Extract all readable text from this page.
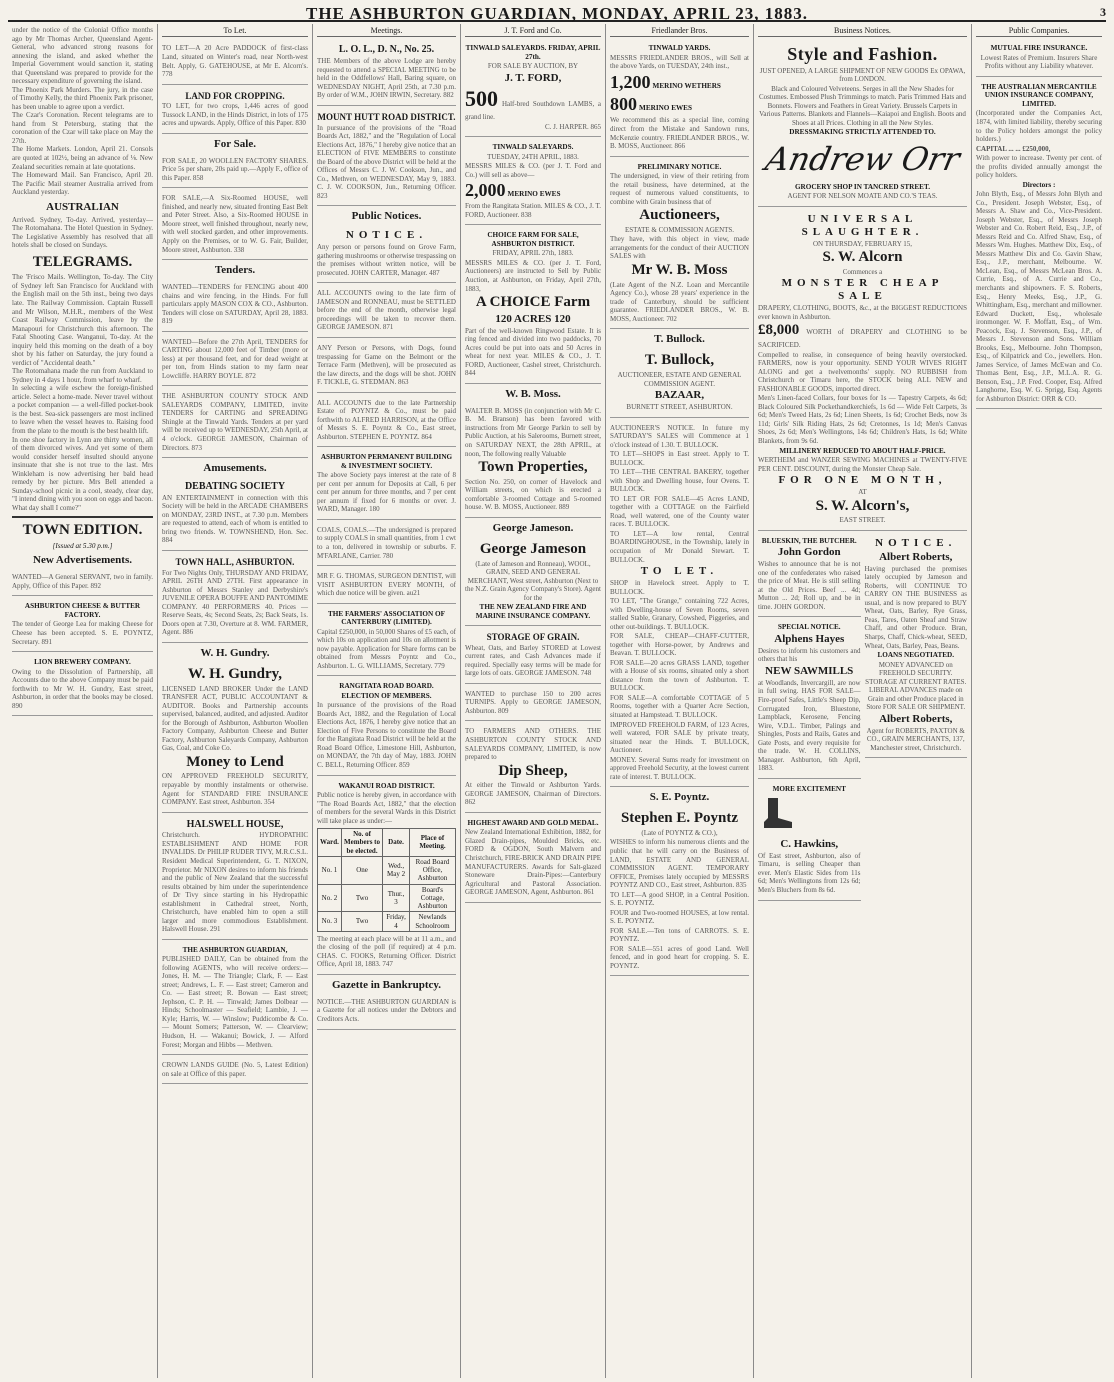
THE ASHBURTON GUARDIAN, MONDAY, APRIL 23, 1883.	3

under the notice of the Colonial Office months ago by Mr Thomas Archer, Queensland Agent-General, who advanced strong reasons for annexing the island, and asked whether the Imperial Government would sanction it, stating that Queensland was prepared to provide for the necessary expenditure of governing the island.

The Phoenix Park Murders. The jury, in the case of Timothy Kelly, the third Phoenix Park prisoner, has been unable to agree upon a verdict.

The Czar's Coronation. Recent telegrams are to hand from St Petersburg, stating that the coronation of the Czar will take place on May the 27th.

The Home Markets. London, April 21. Consols are quoted at 102½, being an advance of ⅛. New Zealand securities remain at late quotations.

The Homeward Mail. San Francisco, April 20. The Pacific Mail steamer Australia arrived from Auckland yesterday.

AUSTRALIAN

Arrived. Sydney, To-day. Arrived, yesterday—The Rotomahana. The Hotel Question in Sydney. The Legislative Assembly has resolved that all hotels shall be closed on Sundays.

TELEGRAMS.

The 'Frisco Mails. Wellington, To-day. The City of Sydney left San Francisco for Auckland with the English mail on the 5th inst., being two days late. The Railway Commission. Captain Russell and Mr Wilson, M.H.R., members of the West Coast Railway Commission, leave by the Manapouri for Christchurch this afternoon. The Fatal Shooting Case. Wanganui, To-day. At the inquiry held this morning on the death of a boy shot by his father on Saturday, the jury found a verdict of "Accidental death."

The Rotomahana made the run from Auckland to Sydney in 4 days 1 hour, from wharf to wharf.

In selecting a wife eschew the foreign-finished article. Select a home-made. Never travel without a pocket companion — a well-filled pocket-book is the best. Sea-sick passengers are most inclined to leave when the vessel heaves to. Raising food from the plate to the mouth is the best health lift.

In one shoe factory in Lynn are thirty women, all of them divorced wives. And yet some of them would consider herself insulted should anyone insinuate that she is not true to the last. Mrs Winkleham is now advertising her bald head remedy by her picture. Mrs Bell attended a Sunday-school picnic in a cool, steady, clear day, "I intend dining with you soon on eggs and bacon. What day shall I come?"

TOWN EDITION.
[Issued at 5.30 p.m.]
New Advertisements.

WANTED—A General SERVANT, two in family. Apply, Office of this Paper. 892

ASHBURTON CHEESE & BUTTER FACTORY.

The tender of George Lea for making Cheese for Cheese has been accepted. S. E. POYNTZ, Secretary. 891

LION BREWERY COMPANY.

Owing to the Dissolution of Partnership, all Accounts due to the above Company must be paid forthwith to Mr W. H. Gundry, East street, Ashburton, in order that the books may be closed. 890

To Let.

TO LET—A 20 Acre PADDOCK of first-class Land, situated on Winter's road, near North-west Belt. Apply, G. GATEHOUSE, at Mr E. Alcorn's. 778

LAND FOR CROPPING.

TO LET, for two crops, 1,446 acres of good Tussock LAND, in the Hinds District, in lots of 175 acres and upwards. Apply, Office of this Paper. 830

For Sale.

FOR SALE, 20 WOOLLEN FACTORY SHARES. Price 5s per share, 20s paid up.—Apply F., office of this Paper. 858

FOR SALE,—A Six-Roomed HOUSE, well finished, and nearly new, situated fronting East Belt and Peter Street. Also, a Six-Roomed HOUSE in Moore street, well finished throughout, nearly new, with well stocked garden, and other improvements. Apply on the Premises, or to W. G. Fair, Builder, Moore street, Ashburton. 338

Tenders.

WANTED—TENDERS for FENCING about 400 chains and wire fencing, in the Hinds. For full particulars apply MASON COX & CO., Ashburton. Tenders will close on SATURDAY, April 28, 1883. 819

WANTED—Before the 27th April, TENDERS for CARTING about 12,000 feet of Timber (more or less) at per thousand feet, and for dead weight at per ton, from Hinds station to my farm near Lowcliffe. HARRY BOYLE. 872

THE ASHBURTON COUNTY STOCK AND SALEYARDS COMPANY, LIMITED, invite TENDERS for CARTING and SPREADING Shingle at the Tinwald Yards. Tenders at per yard will be received up to WEDNESDAY, 25th April, at 4 o'clock. GEORGE JAMESON, Chairman of Directors. 873

Amusements.

DEBATING SOCIETY

AN ENTERTAINMENT in connection with this Society will be held in the ARCADE CHAMBERS on MONDAY, 23RD INST., at 7.30 p.m. Members are requested to attend, each of whom is entitled to bring two friends. W. TOWNSHEND, Hon. Sec. 884

TOWN HALL, ASHBURTON.

For Two Nights Only, THURSDAY AND FRIDAY, APRIL 26TH AND 27TH. First appearance in Ashburton of Messrs Stanley and Derbyshire's JUVENILE OPERA BOUFFE AND PANTOMIME COMPANY. 40 PERFORMERS 40. Prices — Reserve Seats, 4s; Second Seats, 2s; Back Seats, 1s. Doors open at 7.30, Overture at 8. WM. FARMER, Agent. 886

W. H. Gundry.

W. H. Gundry,

LICENSED LAND BROKER Under the LAND TRANSFER ACT, PUBLIC ACCOUNTANT & AUDITOR. Books and Partnership accounts supervised, balanced, audited, and adjusted. Auditor for the Borough of Ashburton, Ashburton Woollen Factory Company, Ashburton Cheese and Butter Factory, Ashburton Saleyards Company, Ashburton Gas, Coal, and Coke Co.

Money to Lend

ON APPROVED FREEHOLD SECURITY, repayable by monthly instalments or otherwise. Agent for STANDARD FIRE INSURANCE COMPANY. East street, Ashburton. 354

HALSWELL HOUSE,

Christchurch. HYDROPATHIC ESTABLISHMENT AND HOME FOR INVALIDS. Dr PHILIP RUDER TIVY, M.R.C.S.L. Resident Medical Superintendent, G. T. NIXON, Proprietor. Mr NIXON desires to inform his friends and the public of New Zealand that the successful results obtained by him under the superintendence of Dr Tivy since starting in his Hydropathic establishment in Cathedral street, North, Christchurch, have enabled him to open a still larger and more commodious Establishment. Halswell House. 291

THE ASHBURTON GUARDIAN,

PUBLISHED DAILY, Can be obtained from the following AGENTS, who will receive orders:— Jones, H. M. — The Triangle; Clark, F. — East street; Andrews, L. F. — East street; Cameron and Co. — East street; R. Bowan — East street; Jephson, C. P. H. — Tinwald; James Dolbear — Hinds; Schoolmaster — Seafield; Lambie, J. — Kyle; Harris, W. — Winslow; Puddicombe & Co. — Mount Somers; Patterson, W. — Clearview; Hudson, H. — Wakanui; Bowick, J. — Alford Forest; Morgan and Hibbs — Methven.

CROWN LANDS GUIDE (No. 5, Latest Edition) on sale at Office of this paper.

Meetings.

L. O. L., D. N., No. 25.

THE Members of the above Lodge are hereby requested to attend a SPECIAL MEETING to be held in the Oddfellows' Hall, Baring square, on WEDNESDAY NIGHT, April 25th, at 7.30 p.m. By order of W.M., JOHN IRWIN, Secretary. 882

MOUNT HUTT ROAD DISTRICT.

In pursuance of the provisions of the "Road Boards Act, 1882," and the "Regulation of Local Elections Act, 1876," I hereby give notice that an ELECTION of FIVE MEMBERS to constitute the Board of the above District will be held at the Offices of Messrs C. J. W. Cookson, Jun., and Co., Methven, on WEDNESDAY, May 9, 1883. C. J. W. COOKSON, Jun., Returning Officer. 823

Public Notices.

NOTICE.

Any person or persons found on Grove Farm, gathering mushrooms or otherwise trespassing on the premises without written notice, will be prosecuted. JOHN CARTER, Manager. 487

ALL ACCOUNTS owing to the late firm of JAMESON and RONNEAU, must be SETTLED before the end of the month, otherwise legal proceedings will be taken to recover them. GEORGE JAMESON. 871

ANY Person or Persons, with Dogs, found trespassing for Game on the Belmont or the Terrace Farm (Methven), will be prosecuted as the law directs, and the dogs will be shot. JOHN F. TICKLE, G. STEDMAN. 863

ALL ACCOUNTS due to the late Partnership Estate of POYNTZ & Co., must be paid forthwith to ALFRED HARRISON, at the Office of Messrs S. E. Poyntz & Co., East street, Ashburton. STEPHEN E. POYNTZ. 864

ASHBURTON PERMANENT BUILDING & INVESTMENT SOCIETY.

The above Society pays interest at the rate of 8 per cent per annum for Deposits at Call, 6 per cent per annum for three months, and 7 per cent per annum if fixed for 6 months or over. J. WARD, Manager. 180

COALS, COALS.—The undersigned is prepared to supply COALS in small quantities, from 1 cwt to a ton, delivered in township or suburbs. F. M'FARLANE, Carrier. 780

MR F. G. THOMAS, SURGEON DENTIST, will VISIT ASHBURTON EVERY MONTH, of which due notice will be given. au21

THE FARMERS' ASSOCIATION OF CANTERBURY (LIMITED).

Capital £250,000, in 50,000 Shares of £5 each, of which 10s on application and 10s on allotment is now payable. Application for Share forms can be obtained from Messrs Poyntz and Co., Ashburton. L. G. WILLIAMS, Secretary. 779

RANGITATA ROAD BOARD.

ELECTION OF MEMBERS.

In pursuance of the provisions of the Road Boards Act, 1882, and the Regulation of Local Elections Act, 1876, I hereby give notice that an Election of Five Persons to constitute the Board for the Rangitata Road District will be held at the Road Board Office, Limestone Hill, Ashburton, on MONDAY, the 7th day of May, 1883. JOHN C. BELL, Returning Officer. 859

WAKANUI ROAD DISTRICT.

Public notice is hereby given, in accordance with "The Road Boards Act, 1882," that the election of members for the several Wards in this District will take place as under:—

Ward.	No. of Members to be elected.	Date.	Place of Meeting.
No. 1	One	Wed., May 2	Road Board Office, Ashburton
No. 2	Two	Thur., 3	Board's Cottage, Ashburton
No. 3	Two	Friday, 4	Newlands Schoolroom

The meeting at each place will be at 11 a.m., and the closing of the poll (if required) at 4 p.m. CHAS. C. FOOKS, Returning Officer. District Office, April 18, 1883. 747

Gazette in Bankruptcy.

NOTICE.—THE ASHBURTON GUARDIAN is a Gazette for all notices under the Debtors and Creditors Acts.

J. T. Ford and Co.

TINWALD SALEYARDS. FRIDAY, APRIL 27th.

FOR SALE BY AUCTION, BY

J. T. FORD,

500 Half-bred Southdown LAMBS, a grand line.

C. J. HARPER. 865

TINWALD SALEYARDS.

TUESDAY, 24TH APRIL, 1883.

MESSRS MILES & CO. (per J. T. Ford and Co.) will sell as above—

2,000 MERINO EWES

From the Rangitata Station. MILES & CO., J. T. FORD, Auctioneer. 838

CHOICE FARM FOR SALE, ASHBURTON DISTRICT.

FRIDAY, APRIL 27th, 1883.

MESSRS MILES & CO. (per J. T. Ford, Auctioneers) are instructed to Sell by Public Auction, at Ashburton, on Friday, April 27th, 1883,

A CHOICE Farm

120 ACRES 120

Part of the well-known Ringwood Estate. It is ring fenced and divided into two paddocks, 70 Acres could be put into oats and 50 Acres in wheat for next year. MILES & CO., J. T. FORD, Auctioneer, Cashel street, Christchurch. 844

W. B. Moss.

WALTER B. MOSS (in conjunction with Mr C. B. M. Branson) has been favored with instructions from Mr George Parkin to sell by Public Auction, at his Salerooms, Burnett street, on SATURDAY NEXT, the 28th APRIL, at noon, The following really Valuable

Town Properties,

Section No. 250, on corner of Havelock and William streets, on which is erected a comfortable 3-roomed Cottage and 5-roomed house. W. B. MOSS, Auctioneer. 889

George Jameson.

George Jameson

(Late of Jameson and Ronneau), WOOL, GRAIN, SEED AND GENERAL MERCHANT, West street, Ashburton (Next to the N.Z. Grain Agency Company's Store). Agent for the

THE NEW ZEALAND FIRE AND MARINE INSURANCE COMPANY.

STORAGE OF GRAIN.

Wheat, Oats, and Barley STORED at Lowest current rates, and Cash Advances made if required. Specially easy terms will be made for large lots of oats. GEORGE JAMESON. 748

WANTED to purchase 150 to 200 acres TURNIPS. Apply to GEORGE JAMESON, Ashburton. 809

TO FARMERS AND OTHERS. THE ASHBURTON COUNTY STOCK AND SALEYARDS COMPANY, LIMITED, is now prepared to

Dip Sheep,

At either the Tinwald or Ashburton Yards. GEORGE JAMESON, Chairman of Directors. 862

HIGHEST AWARD AND GOLD MEDAL.

New Zealand International Exhibition, 1882, for Glazed Drain-pipes, Moulded Bricks, etc. FORD & OGDON, South Malvern and Christchurch, FIRE-BRICK AND DRAIN PIPE MANUFACTURERS. Awards for Salt-glazed Stoneware Drain-Pipes:—Canterbury Agricultural and Pastoral Association. GEORGE JAMESON, Agent, Ashburton. 861

Friedlander Bros.

TINWALD YARDS.

MESSRS FRIEDLANDER BROS., will Sell at the above Yards, on TUESDAY, 24th inst.,

1,200 MERINO WETHERS

800 MERINO EWES

We recommend this as a special line, coming direct from the Mistake and Sandown runs, McKenzie country. FRIEDLANDER BROS., W. B. MOSS, Auctioneer. 866

PRELIMINARY NOTICE.

The undersigned, in view of their retiring from the retail business, have determined, at the request of numerous valued constituents, to combine with Grain business that of

Auctioneers,

ESTATE & COMMISSION AGENTS.

They have, with this object in view, made arrangements for the conduct of their AUCTION SALES with

Mr W. B. Moss

(Late Agent of the N.Z. Loan and Mercantile Agency Co.), whose 28 years' experience in the trade of Canterbury, should be sufficient guarantee. FRIEDLANDER BROS., W. B. MOSS, Auctioneer. 702

T. Bullock.

T. Bullock,

AUCTIONEER, ESTATE AND GENERAL COMMISSION AGENT.

BAZAAR,

BURNETT STREET, ASHBURTON.

AUCTIONEER'S NOTICE. In future my SATURDAY'S SALES will Commence at 1 o'clock instead of 1.30. T. BULLOCK.

TO LET—SHOPS in East street. Apply to T. BULLOCK.

TO LET—THE CENTRAL BAKERY, together with Shop and Dwelling house, four Ovens. T. BULLOCK.

TO LET OR FOR SALE—45 Acres LAND, together with a COTTAGE on the Fairfield Road, well watered, one of the County water races. T. BULLOCK.

TO LET—A low rental, Central BOARDINGHOUSE, in the Township, lately in occupation of Mr Donald Stewart. T. BULLOCK.

TO LET.

SHOP in Havelock street. Apply to T. BULLOCK.

TO LET, "The Grange," containing 722 Acres, with Dwelling-house of Seven Rooms, seven stalled Stable, Granary, Cowshed, Piggeries, and other out-buildings. T. BULLOCK.

FOR SALE, CHEAP—CHAFF-CUTTER, together with Horse-power, by Andrews and Beavan. T. BULLOCK.

FOR SALE—20 acres GRASS LAND, together with a House of six rooms, situated only a short distance from the town of Ashburton. T. BULLOCK.

FOR SALE—A comfortable COTTAGE of 5 Rooms, together with a Quarter Acre Section, situated at Hampstead. T. BULLOCK.

IMPROVED FREEHOLD FARM, of 123 Acres, well watered, FOR SALE by private treaty, situated near the Hinds. T. BULLOCK, Auctioneer.

MONEY. Several Sums ready for investment on approved Freehold Security, at the lowest current rate of interest. T. BULLOCK.

S. E. Poyntz.

Stephen E. Poyntz

(Late of POYNTZ & CO.),

WISHES to inform his numerous clients and the public that he will carry on the Business of LAND, ESTATE AND GENERAL COMMISSION AGENT. TEMPORARY OFFICE, Premises lately occupied by MESSRS POYNTZ AND CO., East street, Ashburton. 835

TO LET—A good SHOP, in a Central Position. S. E. POYNTZ.

FOUR and Two-roomed HOUSES, at low rental. S. E. POYNTZ.

FOR SALE.—Ten tons of CARROTS. S. E. POYNTZ.

FOR SALE—551 acres of good Land. Well fenced, and in good heart for cropping. S. E. POYNTZ.

Business Notices.

Style and Fashion.

JUST OPENED, A LARGE SHIPMENT OF NEW GOODS Ex OPAWA, from LONDON.

Black and Coloured Velveteens. Serges in all the New Shades for Costumes. Embossed Plush Trimmings to match. Paris Trimmed Hats and Bonnets. Flowers and Feathers in Great Variety. Brussels Carpets in Various Patterns. Blankets and Flannels—Kaiapoi and English. Boots and Shoes at all Prices. Clothing in all the New Styles.

DRESSMAKING STRICTLY ATTENDED TO.

Andrew Orr

GROCERY SHOP IN TANCRED STREET.

AGENT FOR NELSON MOATE AND CO.'S TEAS.

UNIVERSAL SLAUGHTER.

ON THURSDAY, FEBRUARY 15,

S. W. Alcorn

Commences a

MONSTER CHEAP SALE

DRAPERY, CLOTHING, BOOTS, &c., at the BIGGEST REDUCTIONS ever known in Ashburton.

£8,000 WORTH of DRAPERY and CLOTHING to be SACRIFICED.

Compelled to realise, in consequence of being heavily overstocked. FARMERS, now is your opportunity. SEND YOUR WIVES RIGHT ALONG and get a twelvemonths' supply. NO RUBBISH from Christchurch or Timaru here, the STOCK being ALL NEW and FASHIONABLE GOODS, imported direct.

Men's Linen-faced Collars, four boxes for 1s — Tapestry Carpets, 4s 6d; Black Coloured Silk Pockethandkerchiefs, 1s 6d — Wide Felt Carpets, 3s 6d; Men's Tweed Hats, 2s 6d; Linen Sheets, 1s 6d; Crochet Beds, now 3s 11d; Girls' Silk Riding Hats, 2s 6d; Cretonnes, 1s 1d; Men's Canvas Shoes, 2s 6d; Men's Wellingtons, 14s 6d; Children's Hats, 1s 6d; White Blankets, from 9s 6d.

MILLINERY REDUCED TO ABOUT HALF-PRICE.

WERTHEIM and WANZER SEWING MACHINES at TWENTY-FIVE PER CENT. DISCOUNT, during the Monster Cheap Sale.

FOR ONE MONTH,

AT

S. W. Alcorn's,

EAST STREET.

BLUESKIN, THE BUTCHER.

John Gordon

Wishes to announce that he is not one of the confederates who raised the price of Meat. He is still selling at the Old Prices. Beef ... 4d; Mutton ... 2d; Roll up, and be in time. JOHN GORDON.

SPECIAL NOTICE.

Alphens Hayes

Desires to inform his customers and others that his

NEW SAWMILLS

at Woodlands, Invercargill, are now in full swing. HAS FOR SALE—Fire-proof Safes, Little's Sheep Dip, Corrugated Iron, Bluestone, Lampblack, Kerosene, Fencing Wire, V.D.L. Timber, Palings and Shingles, Posts and Rails, Gates and Gate Posts, and every requisite for the trade. W. H. COLLINS, Manager. Ashburton, 6th April, 1883.

MORE EXCITEMENT

C. Hawkins,

Of East street, Ashburton, also of Timaru, is selling Cheaper than ever. Men's Elastic Sides from 11s 6d; Men's Wellingtons from 12s 6d; Men's Bluchers from 8s 6d.

NOTICE.

Albert Roberts,

Having purchased the premises lately occupied by Jameson and Roberts, will CONTINUE TO CARRY ON THE BUSINESS as usual, and is now prepared to BUY Wheat, Oats, Barley, Rye Grass, Peas, Tares, Oaten Sheaf and Straw Chaff, and other Produce. Bran, Sharps, Chaff, Chick-wheat, SEED, Wheat, Oats, Barley, Peas, Beans.

LOANS NEGOTIATED.

MONEY ADVANCED on FREEHOLD SECURITY. STORAGE AT CURRENT RATES. LIBERAL ADVANCES made on Grain and other Produce placed in Store FOR SALE OR SHIPMENT.

Albert Roberts,

Agent for ROBERTS, PAXTON & CO., GRAIN MERCHANTS, 137, Manchester street, Christchurch.

Public Companies.

MUTUAL FIRE INSURANCE.

Lowest Rates of Premium. Insurers Share Profits without any Liability whatever.

THE AUSTRALIAN MERCANTILE UNION INSURANCE COMPANY, LIMITED.

(Incorporated under the Companies Act, 1874, with limited liability, thereby securing to the Policy holders amongst the policy holders.)

CAPITAL ... ... £250,000,

With power to increase. Twenty per cent. of the profits divided annually amongst the policy holders.

Directors :

John Blyth, Esq., of Messrs John Blyth and Co., President. Joseph Webster, Esq., of Messrs A. Shaw and Co., Vice-President. Joseph Webster, Esq., of Messrs Joseph Webster and Co. Robert Reid, Esq., J.P., of Messrs Reid and Co. Alfred Shaw, Esq., of Messrs Wm. Hughes. Matthew Dix, Esq., of Messrs Matthew Dix and Co. Gavin Shaw, Esq., J.P., merchant, Melbourne. W. McLean, Esq., of Messrs McLean Bros. A. Currie, Esq., of A. Currie and Co., merchants and shipowners. F. S. Roberts, Esq., Henry Meeks, Esq., J.P., G. Whittingham, Esq., merchant and millowner. Edward Duckett, Esq., wholesale ironmonger. W. F. Moffatt, Esq., of Wm. Peacock, Esq. J. Stevenson, Esq., J.P., of Messrs J. Stevenson and Sons. William Brooks, Esq., Melbourne. John Thompson, Esq., of Kilpatrick and Co., jewellers. Hon. James Service, of James McEwan and Co. Thomas Bent, Esq., J.P., M.L.A. R. G. Benson, Esq., J.P. Fred. Cooper, Esq. Alfred Langhorne, Esq. W. G. Sprigg, Esq. Agents for Ashburton District: ORR & CO.
